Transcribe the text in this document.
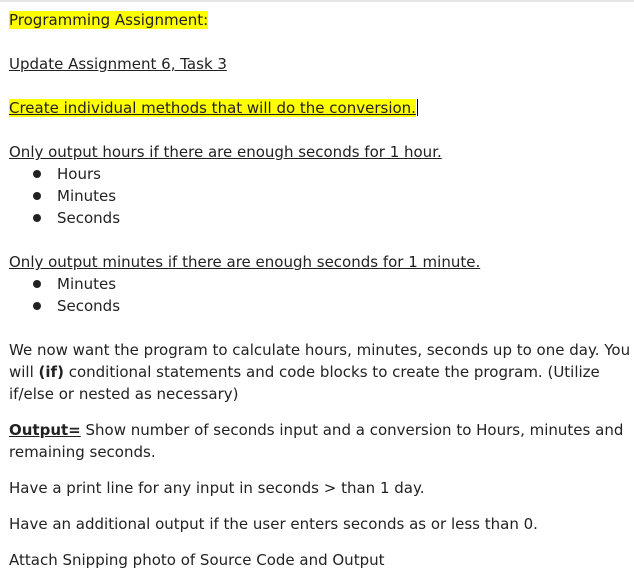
Programming Assignment:

Update Assignment 6, Task 3

Create individual methods that will do the conversion.

Only output hours if there are enough seconds for 1 hour.

Hours
Minutes
Seconds

Only output minutes if there are enough seconds for 1 minute.

Minutes
Seconds

We now want the program to calculate hours, minutes, seconds up to one day. You will (if) conditional statements and code blocks to create the program. (Utilize if/else or nested as necessary)

Output= Show number of seconds input and a conversion to Hours, minutes and remaining seconds.

Have a print line for any input in seconds > than 1 day.

Have an additional output if the user enters seconds as or less than 0.

Attach Snipping photo of Source Code and Output
